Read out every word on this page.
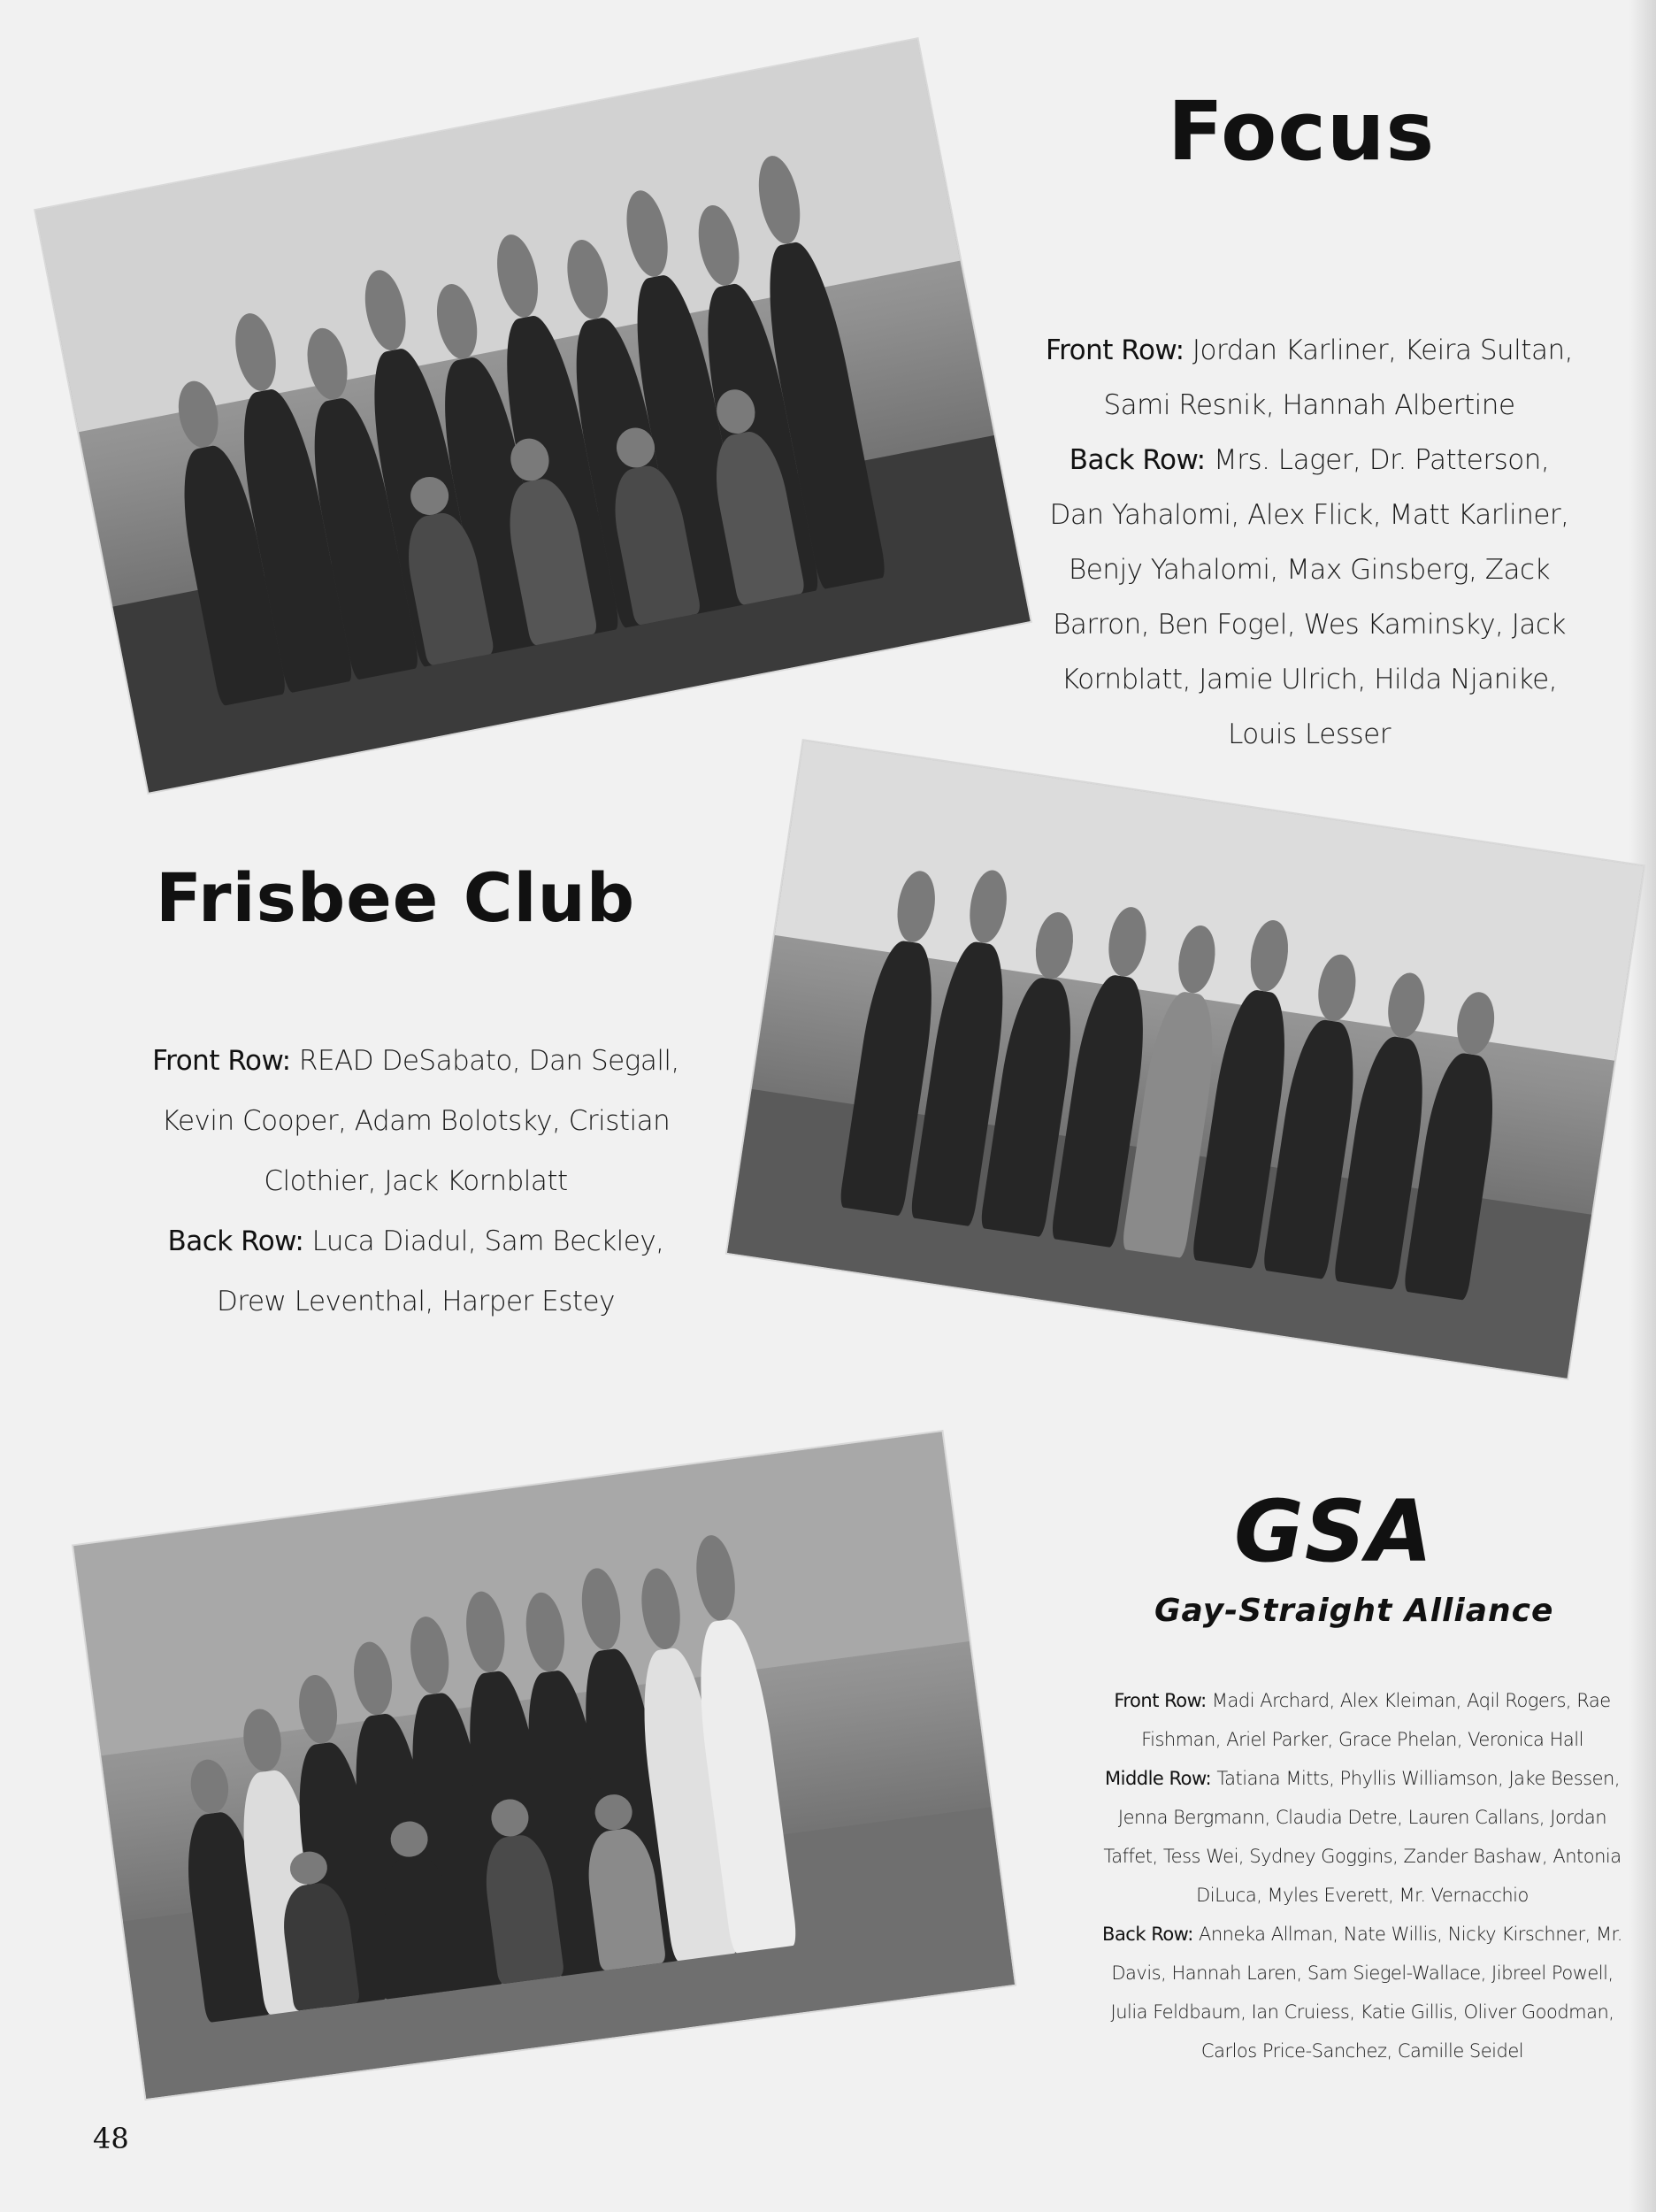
Focus

Front Row: Jordan Karliner, Keira Sultan, Sami Resnik, Hannah Albertine

Back Row: Mrs. Lager, Dr. Patterson, Dan Yahalomi, Alex Flick, Matt Karliner, Benjy Yahalomi, Max Ginsberg, Zack Barron, Ben Fogel, Wes Kaminsky, Jack Kornblatt, Jamie Ulrich, Hilda Njanike, Louis Lesser

Frisbee Club

Front Row: READ DeSabato, Dan Segall, Kevin Cooper, Adam Bolotsky, Cristian Clothier, Jack Kornblatt

Back Row: Luca Diadul, Sam Beckley, Drew Leventhal, Harper Estey

GSA
Gay-Straight Alliance

Front Row: Madi Archard, Alex Kleiman, Aqil Rogers, Rae Fishman, Ariel Parker, Grace Phelan, Veronica Hall

Middle Row: Tatiana Mitts, Phyllis Williamson, Jake Bessen, Jenna Bergmann, Claudia Detre, Lauren Callans, Jordan Taffet, Tess Wei, Sydney Goggins, Zander Bashaw, Antonia DiLuca, Myles Everett, Mr. Vernacchio

Back Row: Anneka Allman, Nate Willis, Nicky Kirschner, Mr. Davis, Hannah Laren, Sam Siegel-Wallace, Jibreel Powell, Julia Feldbaum, Ian Cruiess, Katie Gillis, Oliver Goodman, Carlos Price-Sanchez, Camille Seidel

48
